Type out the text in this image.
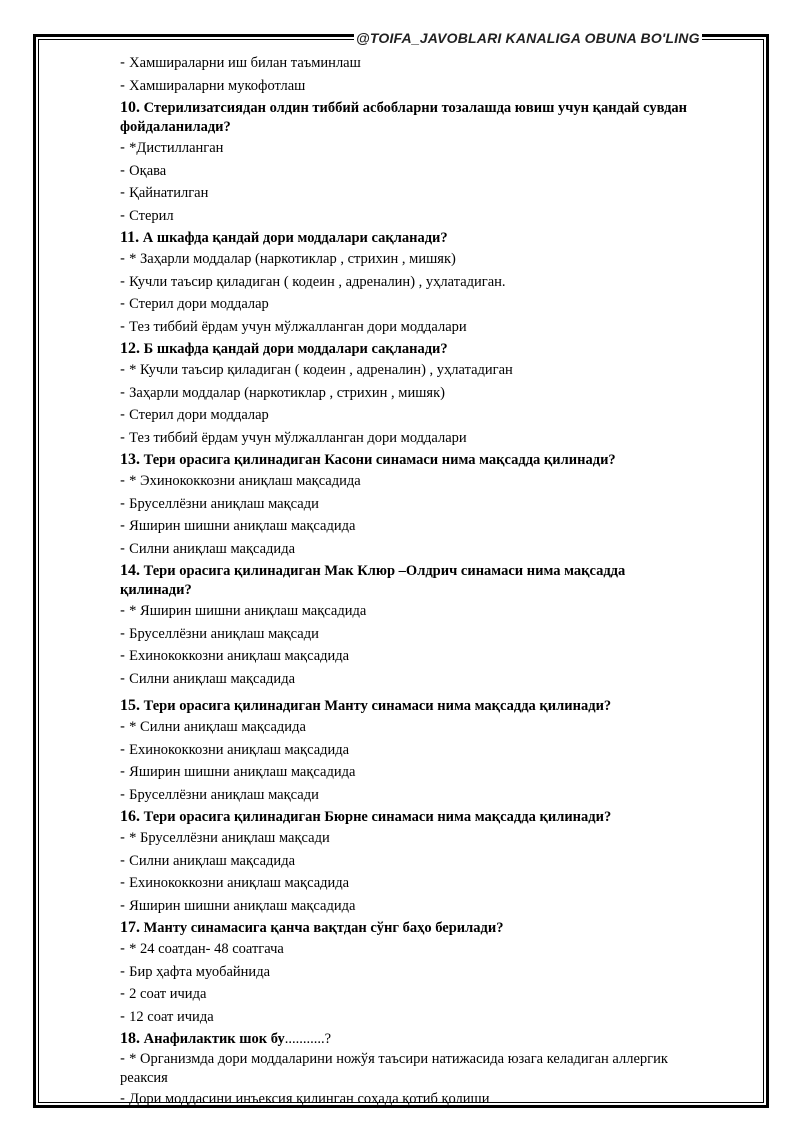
@TOIFA_JAVOBLARI KANALIGA OBUNA BO'LING
- Хамшираларни иш билан таъминлаш
- Хамшираларни мукофотлаш
10. Стерилизатсиядан олдин тиббий асбобларни тозалашда ювиш учун қандай сувдан фойдаланилади?
- *Дистилланган
- Оқава
- Қайнатилган
- Стерил
11. А шкафда қандай дори моддалари сақланади?
- * Заҳарли моддалар (наркотиклар , стрихин , мишяк)
- Кучли таъсир қиладиган ( кодеин , адреналин) , уҳлатадиган.
- Стерил дори моддалар
- Тез тиббий ёрдам учун мўлжалланган дори моддалари
12. Б шкафда қандай дори моддалари сақланади?
- * Кучли таъсир қиладиган ( кодеин , адреналин) , уҳлатадиган
- Заҳарли моддалар (наркотиклар , стрихин , мишяк)
- Стерил дори моддалар
- Тез тиббий ёрдам учун мўлжалланган дори моддалари
13. Тери орасига қилинадиган Касони синамаси нима мақсадда қилинади?
- * Эхинококкозни аниқлаш мақсадида
- Бруселлёзни аниқлаш мақсади
- Яширин шишни аниқлаш мақсадида
- Силни аниқлаш мақсадида
14. Тери орасига қилинадиган Мак Клюр –Олдрич синамаси нима мақсадда қилинади?
- * Яширин шишни аниқлаш мақсадида
- Бруселлёзни аниқлаш мақсади
- Ехинококкозни аниқлаш мақсадида
- Силни аниқлаш мақсадида
15. Тери орасига қилинадиган Манту синамаси нима мақсадда қилинади?
- * Силни аниқлаш мақсадида
- Ехинококкозни аниқлаш мақсадида
- Яширин шишни аниқлаш мақсадида
- Бруселлёзни аниқлаш мақсади
16. Тери орасига қилинадиган Бюрне синамаси нима мақсадда қилинади?
- * Бруселлёзни аниқлаш мақсади
- Силни аниқлаш мақсадида
- Ехинококкозни аниқлаш мақсадида
- Яширин шишни аниқлаш мақсадида
17. Манту синамасига қанча вақтдан сўнг баҳо берилади?
- * 24 соатдан- 48 соатгача
- Бир ҳафта муобайнида
- 2 соат ичида
- 12 соат ичида
18. Анафилактик шок бу...........?
- * Организмда дори моддаларини ножўя таъсири натижасида юзага келадиган аллергик реаксия
- Дори моддасини инъексия қилинган соҳада қотиб қолиши
